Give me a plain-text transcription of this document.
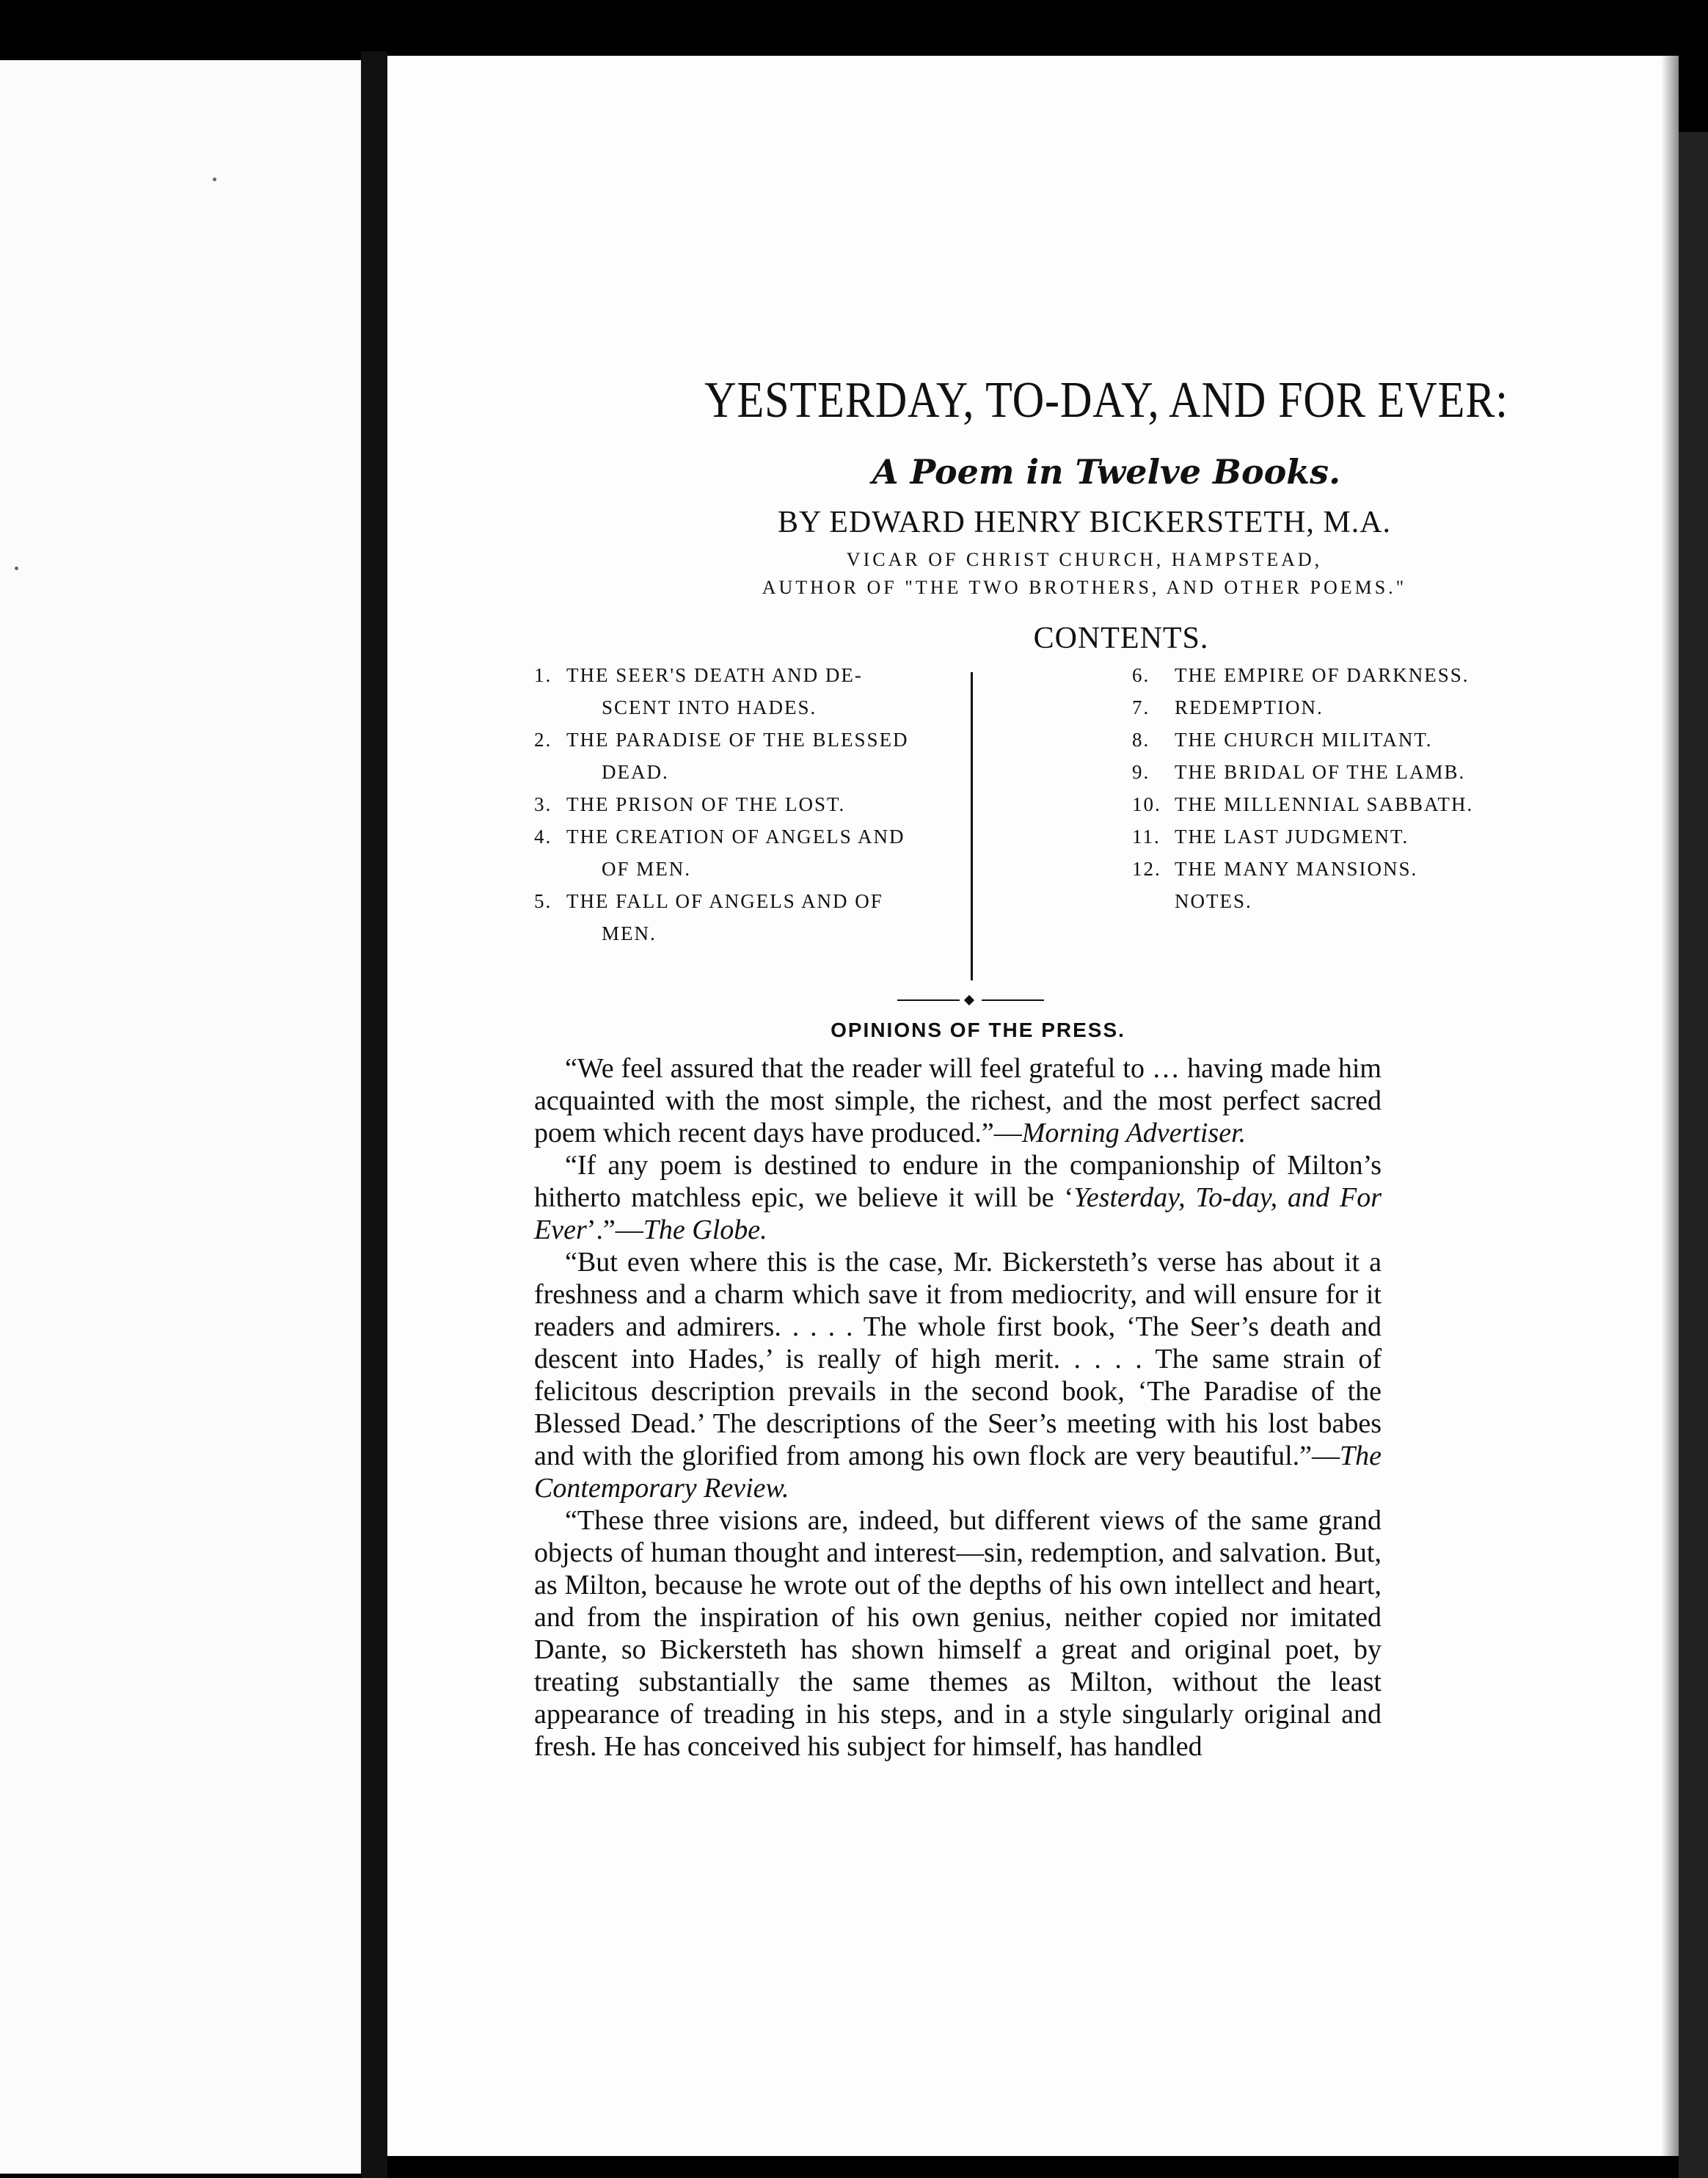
YESTERDAY, TO-DAY, AND FOR EVER:
A Poem in Twelve Books.
BY EDWARD HENRY BICKERSTETH, M.A.
VICAR OF CHRIST CHURCH, HAMPSTEAD,
AUTHOR OF "THE TWO BROTHERS, AND OTHER POEMS."
CONTENTS.
1. THE SEER'S DEATH AND DE-
SCENT INTO HADES.
2. THE PARADISE OF THE BLESSED
DEAD.
3. THE PRISON OF THE LOST.
4. THE CREATION OF ANGELS AND
OF MEN.
5. THE FALL OF ANGELS AND OF
MEN.
6. THE EMPIRE OF DARKNESS.
7. REDEMPTION.
8. THE CHURCH MILITANT.
9. THE BRIDAL OF THE LAMB.
10. THE MILLENNIAL SABBATH.
11. THE LAST JUDGMENT.
12. THE MANY MANSIONS.
NOTES.
OPINIONS OF THE PRESS.

“We feel assured that the reader will feel grateful to … having made him acquainted with the most simple, the richest, and the most perfect sacred poem which recent days have produced.”—Morning Advertiser.

“If any poem is destined to endure in the companionship of Milton’s hitherto matchless epic, we believe it will be ‘Yesterday, To-day, and For Ever’.”—The Globe.

“But even where this is the case, Mr. Bickersteth’s verse has about it a freshness and a charm which save it from mediocrity, and will ensure for it readers and admirers. . . . . The whole first book, ‘The Seer’s death and descent into Hades,’ is really of high merit. . . . . The same strain of felicitous description prevails in the second book, ‘The Paradise of the Blessed Dead.’ The descriptions of the Seer’s meeting with his lost babes and with the glorified from among his own flock are very beautiful.”—The Contemporary Review.

“These three visions are, indeed, but different views of the same grand objects of human thought and interest—sin, redemption, and salvation. But, as Milton, because he wrote out of the depths of his own intellect and heart, and from the inspiration of his own genius, neither copied nor imitated Dante, so Bickersteth has shown himself a great and original poet, by treating substantially the same themes as Milton, without the least appearance of treading in his steps, and in a style singularly original and fresh. He has conceived his subject for himself, has handled
